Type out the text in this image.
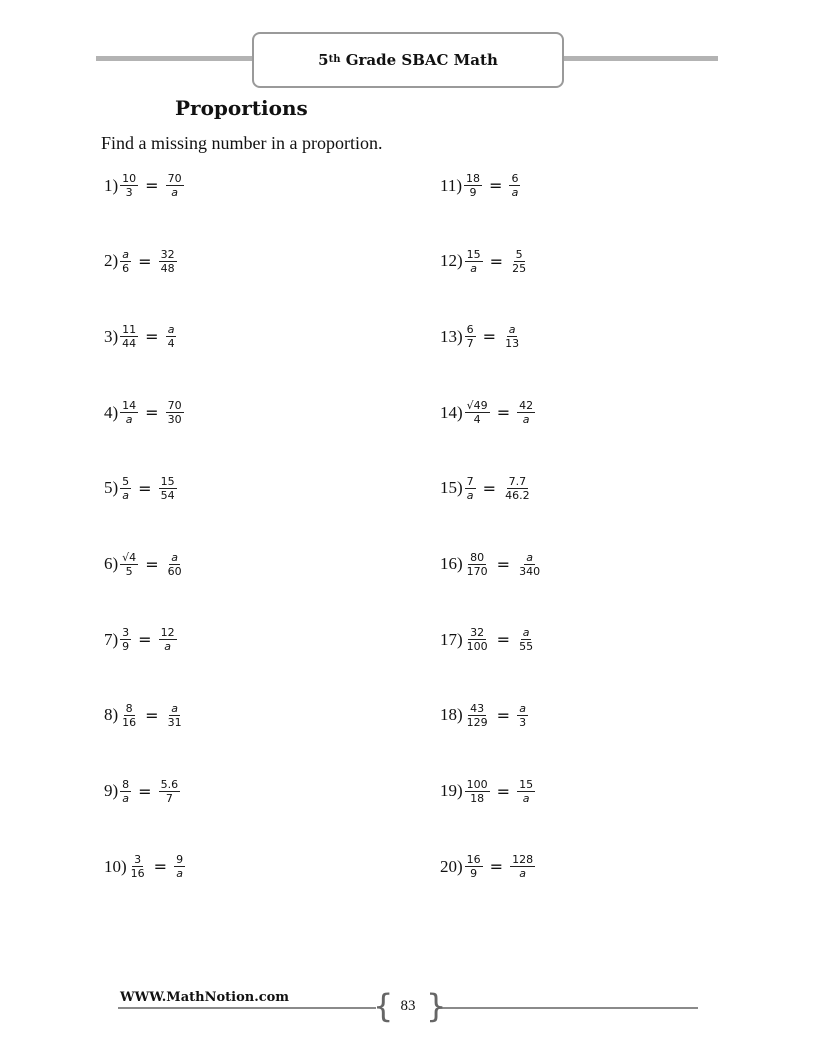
5th Grade SBAC Math
Proportions
Find a missing number in a proportion.
$1) \frac{10}{3} = \frac{70}{a}$
$2) \frac{a}{6} = \frac{32}{48}$
$3) \frac{11}{44} = \frac{a}{4}$
$4) \frac{14}{a} = \frac{70}{30}$
$5) \frac{5}{a} = \frac{15}{54}$
$6) \frac{√4}{5} = \frac{a}{60}$
$7) \frac{3}{9} = \frac{12}{a}$
$8) \frac{8}{16} = \frac{a}{31}$
$9) \frac{8}{a} = \frac{5.6}{7}$
$10) \frac{3}{16} = \frac{9}{a}$
$11) \frac{18}{9} = \frac{6}{a}$
$12) \frac{15}{a} = \frac{5}{25}$
$13) \frac{6}{7} = \frac{a}{13}$
$14) \frac{√49}{4} = \frac{42}{a}$
$15) \frac{7}{a} = \frac{7.7}{46.2}$
$16) \frac{80}{170} = \frac{a}{340}$
$17) \frac{32}{100} = \frac{a}{55}$
$18) \frac{43}{129} = \frac{a}{3}$
$19) \frac{100}{18} = \frac{15}{a}$
$20) \frac{16}{9} = \frac{128}{a}$
WWW.MathNotion.com	{ }
83
